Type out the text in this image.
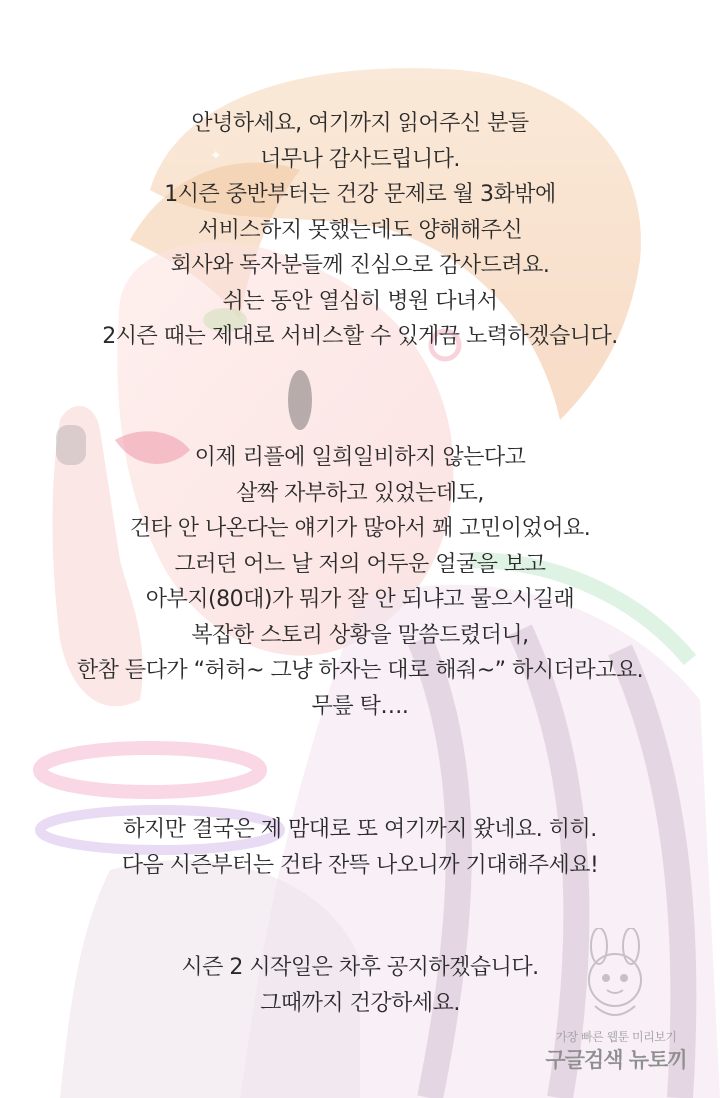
✦
✦
안녕하세요, 여기까지 읽어주신 분들
너무나 감사드립니다.
1시즌 중반부터는 건강 문제로 월 3화밖에
서비스하지 못했는데도 양해해주신
회사와 독자분들께 진심으로 감사드려요.
쉬는 동안 열심히 병원 다녀서
2시즌 때는 제대로 서비스할 수 있게끔 노력하겠습니다.
이제 리플에 일희일비하지 않는다고
살짝 자부하고 있었는데도,
건타 안 나온다는 얘기가 많아서 꽤 고민이었어요.
그러던 어느 날 저의 어두운 얼굴을 보고
아부지(80대)가 뭐가 잘 안 되냐고 물으시길래
복잡한 스토리 상황을 말씀드렸더니,
한참 듣다가 “허허~ 그냥 하자는 대로 해줘~” 하시더라고요.
무릎 탁….
하지만 결국은 제 맘대로 또 여기까지 왔네요. 히히.
다음 시즌부터는 건타 잔뜩 나오니까 기대해주세요!
시즌 2 시작일은 차후 공지하겠습니다.
그때까지 건강하세요.
가장 빠른 웹툰 미리보기
구글검색 뉴토끼
